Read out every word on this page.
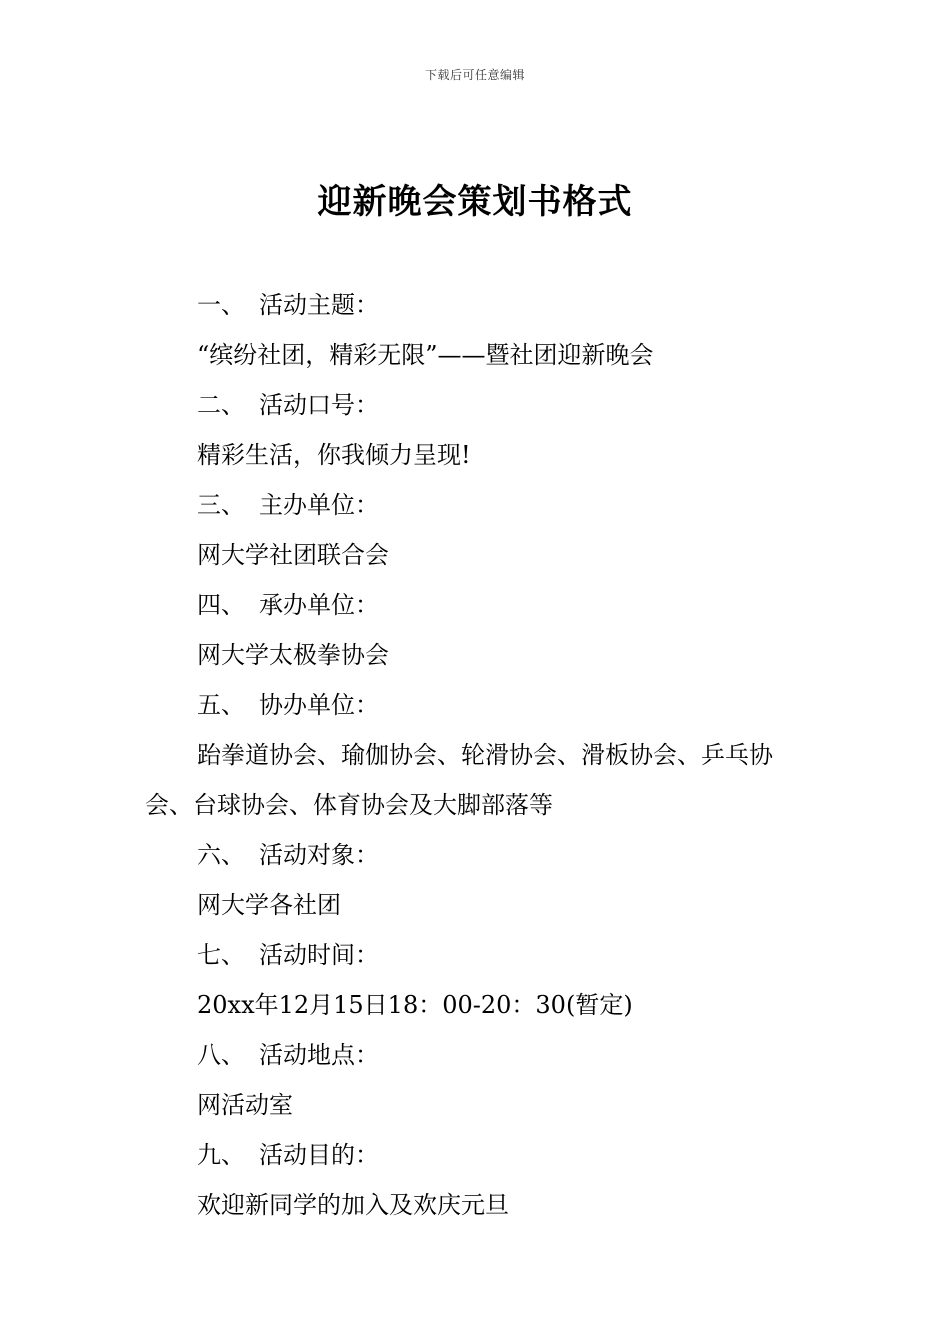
下载后可任意编辑
迎新晚会策划书格式
一、 活动主题：
“缤纷社团，精彩无限”——暨社团迎新晚会
二、 活动口号：
精彩生活，你我倾力呈现!
三、 主办单位：
网大学社团联合会
四、 承办单位：
网大学太极拳协会
五、 协办单位：
跆拳道协会、瑜伽协会、轮滑协会、滑板协会、乒乓协会、台球协会、体育协会及大脚部落等
六、 活动对象：
网大学各社团
七、 活动时间：
20xx年12月15日18：00-20：30(暂定)
八、 活动地点：
网活动室
九、 活动目的：
欢迎新同学的加入及欢庆元旦
